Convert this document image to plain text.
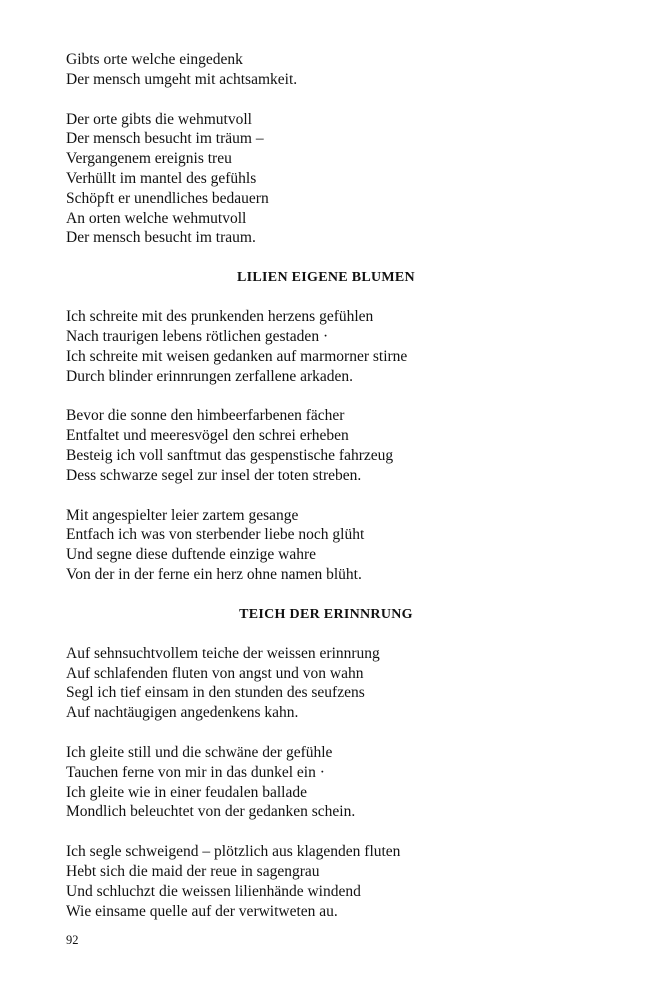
Gibts orte welche eingedenk
Der mensch umgeht mit achtsamkeit.
Der orte gibts die wehmutvoll
Der mensch besucht im träum –
Vergangenem ereignis treu
Verhüllt im mantel des gefühls
Schöpft er unendliches bedauern
An orten welche wehmutvoll
Der mensch besucht im traum.
LILIEN EIGENE BLUMEN
Ich schreite mit des prunkenden herzens gefühlen
Nach traurigen lebens rötlichen gestaden ·
Ich schreite mit weisen gedanken auf marmorner stirne
Durch blinder erinnrungen zerfallene arkaden.
Bevor die sonne den himbeerfarbenen fächer
Entfaltet und meeresvögel den schrei erheben
Besteig ich voll sanftmut das gespenstische fahrzeug
Dess schwarze segel zur insel der toten streben.
Mit angespielter leier zartem gesange
Entfach ich was von sterbender liebe noch glüht
Und segne diese duftende einzige wahre
Von der in der ferne ein herz ohne namen blüht.
TEICH DER ERINNRUNG
Auf sehnsuchtvollem teiche der weissen erinnrung
Auf schlafenden fluten von angst und von wahn
Segl ich tief einsam in den stunden des seufzens
Auf nachtäugigen angedenkens kahn.
Ich gleite still und die schwäne der gefühle
Tauchen ferne von mir in das dunkel ein ·
Ich gleite wie in einer feudalen ballade
Mondlich beleuchtet von der gedanken schein.
Ich segle schweigend – plötzlich aus klagenden fluten
Hebt sich die maid der reue in sagengrau
Und schluchzt die weissen lilienhände windend
Wie einsame quelle auf der verwitweten au.
92
